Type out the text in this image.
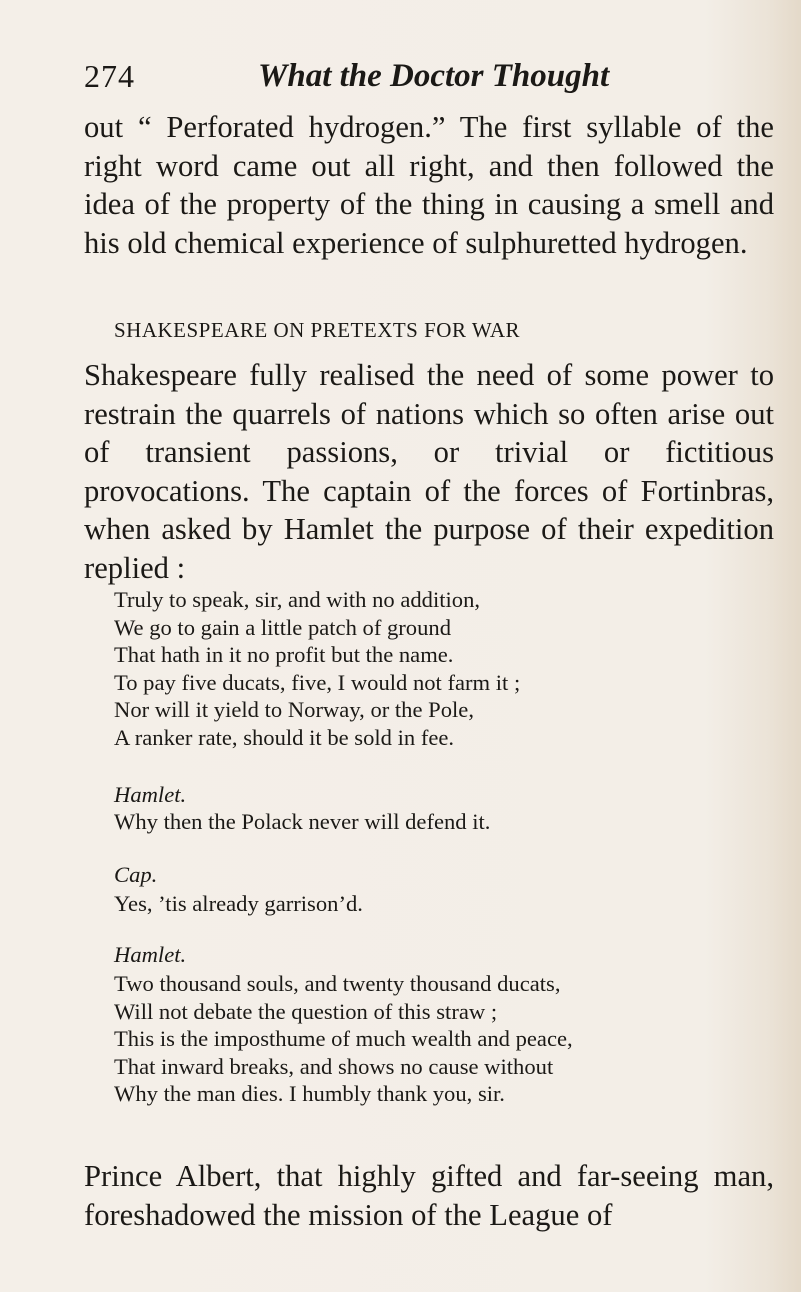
274	What the Doctor Thought
out “ Perforated hydrogen.” The first syllable of the right word came out all right, and then followed the idea of the property of the thing in causing a smell and his old chemical experience of sulphuretted hydrogen.
SHAKESPEARE ON PRETEXTS FOR WAR
Shakespeare fully realised the need of some power to restrain the quarrels of nations which so often arise out of transient passions, or trivial or fictitious provocations. The captain of the forces of Fortinbras, when asked by Hamlet the purpose of their expedition replied :
Truly to speak, sir, and with no addition,
We go to gain a little patch of ground
That hath in it no profit but the name.
To pay five ducats, five, I would not farm it ;
Nor will it yield to Norway, or the Pole,
A ranker rate, should it be sold in fee.
Hamlet.
Why then the Polack never will defend it.
Cap.
Yes, ’tis already garrison’d.
Hamlet.
Two thousand souls, and twenty thousand ducats,
Will not debate the question of this straw ;
This is the imposthume of much wealth and peace,
That inward breaks, and shows no cause without
Why the man dies. I humbly thank you, sir.
Prince Albert, that highly gifted and far-seeing man, foreshadowed the mission of the League of
